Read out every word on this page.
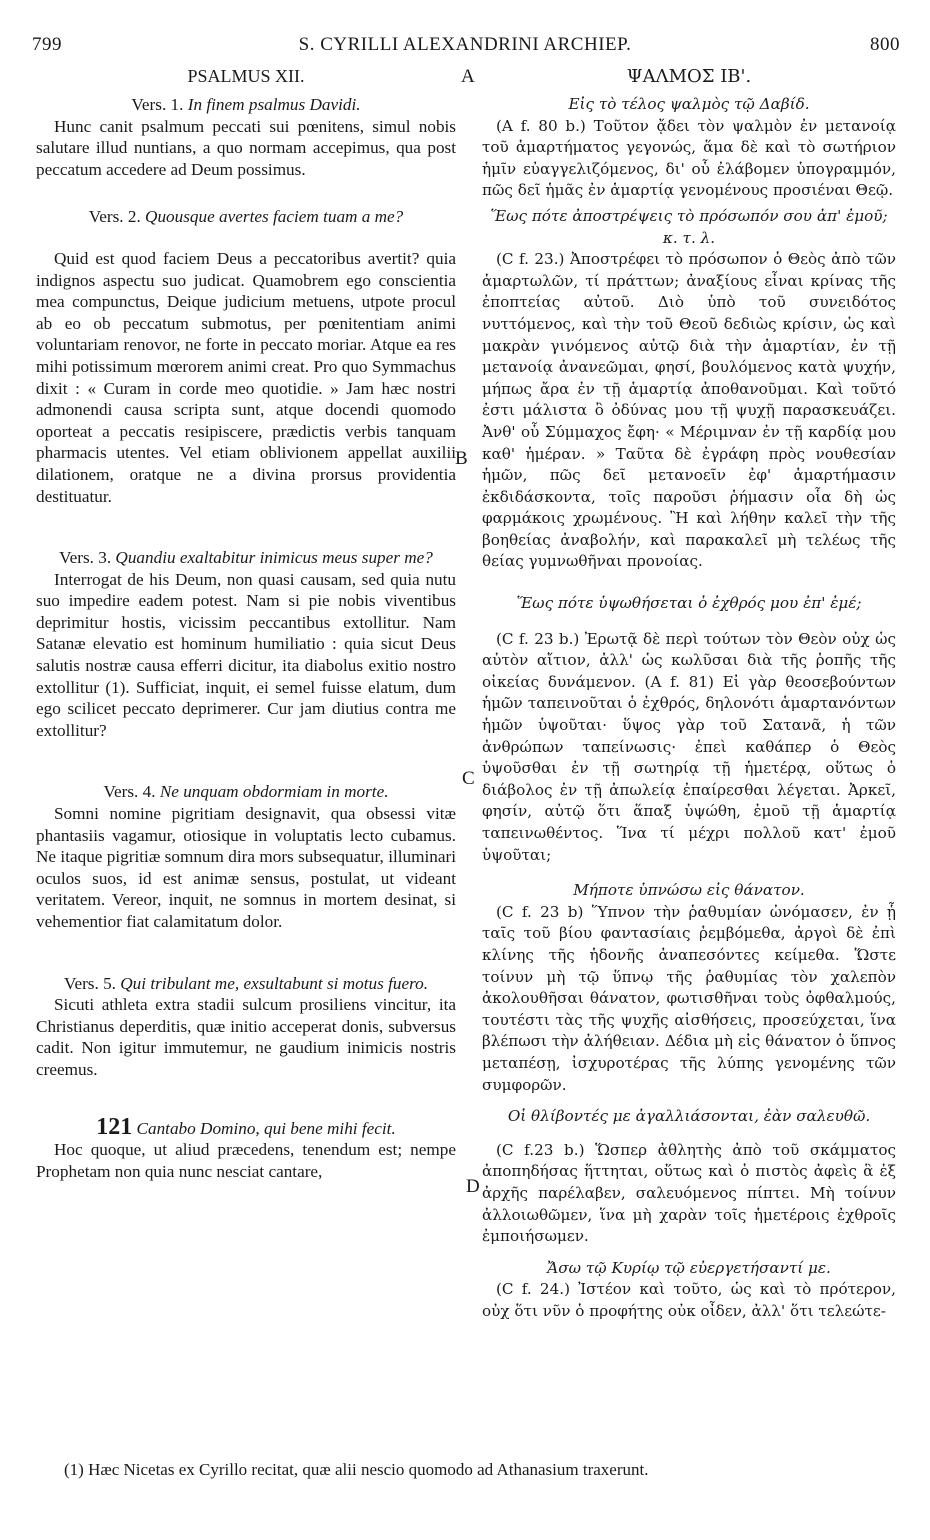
799	S. CYRILLI ALEXANDRINI ARCHIEP.	800
PSALMUS XII.
Vers. 1. In finem psalmus Davidi.

Hunc canit psalmum peccati sui pœnitens, simul nobis salutare illud nuntians, a quo normam accepimus, qua post peccatum accedere ad Deum possimus.

Vers. 2. Quousque avertes faciem tuam a me?

Quid est quod faciem Deus a peccatoribus avertit? quia indignos aspectu suo judicat. Quamobrem ego conscientia mea compunctus, Deique judicium metuens, utpote procul ab eo ob peccatum submotus, per pœnitentiam animi voluntariam renovor, ne forte in peccato moriar. Atque ea res mihi potissimum mœrorem animi creat. Pro quo Symmachus dixit : « Curam in corde meo quotidie. » Jam hæc nostri admonendi causa scripta sunt, atque docendi quomodo oporteat a peccatis resipiscere, prædictis verbis tanquam pharmacis utentes. Vel etiam oblivionem appellat auxilii dilationem, oratque ne a divina prorsus providentia destituatur.

Vers. 3. Quandiu exaltabitur inimicus meus super me?

Interrogat de his Deum, non quasi causam, sed quia nutu suo impedire eadem potest. Nam si pie nobis viventibus deprimitur hostis, vicissim peccantibus extollitur. Nam Satanæ elevatio est hominum humiliatio : quia sicut Deus salutis nostræ causa efferri dicitur, ita diabolus exitio nostro extollitur (1). Sufficiat, inquit, ei semel fuisse elatum, dum ego scilicet peccato deprimerer. Cur jam diutius contra me extollitur?

Vers. 4. Ne unquam obdormiam in morte.

Somni nomine pigritiam designavit, qua obsessi vitæ phantasiis vagamur, otiosique in voluptatis lecto cubamus. Ne itaque pigritiæ somnum dira mors subsequatur, illuminari oculos suos, id est animæ sensus, postulat, ut videant veritatem. Vereor, inquit, ne somnus in mortem desinat, si vehementior fiat calamitatum dolor.

Vers. 5. Qui tribulant me, exsultabunt si motus fuero.

Sicuti athleta extra stadii sulcum prosiliens vincitur, ita Christianus deperditis, quæ initio acceperat donis, subversus cadit. Non igitur immutemur, ne gaudium inimicis nostris creemus.

121 Cantabo Domino, qui bene mihi fecit.

Hoc quoque, ut aliud præcedens, tenendum est; nempe Prophetam non quia nunc nesciat cantare,

A
B
C
D
ΨΑΛΜΟΣ ΙΒ'.
Εἰς τὸ τέλος ψαλμὸς τῷ Δαβίδ.

(A f. 80 b.) Τοῦτον ᾄδει τὸν ψαλμὸν ἐν μετανοίᾳ τοῦ ἁμαρτήματος γεγονώς, ἅμα δὲ καὶ τὸ σωτήριον ἡμῖν εὐαγγελιζόμενος, δι' οὗ ἐλάβομεν ὑπογραμμόν, πῶς δεῖ ἡμᾶς ἐν ἁμαρτίᾳ γενομένους προσιέναι Θεῷ.

Ἕως πότε ἀποστρέψεις τὸ πρόσωπόν σου ἀπ' ἐμοῦ; κ. τ. λ.

(C f. 23.) Ἀποστρέφει τὸ πρόσωπον ὁ Θεὸς ἀπὸ τῶν ἁμαρτωλῶν, τί πράττων; ἀναξίους εἶναι κρίνας τῆς ἐποπτείας αὐτοῦ. Διὸ ὑπὸ τοῦ συνειδότος νυττόμενος, καὶ τὴν τοῦ Θεοῦ δεδιὼς κρίσιν, ὡς καὶ μακρὰν γινόμενος αὐτῷ διὰ τὴν ἁμαρτίαν, ἐν τῇ μετανοίᾳ ἀνανεῶμαι, φησί, βουλόμενος κατὰ ψυχήν, μήπως ἄρα ἐν τῇ ἁμαρτίᾳ ἀποθανοῦμαι. Καὶ τοῦτό ἐστι μάλιστα ὃ ὀδύνας μου τῇ ψυχῇ παρασκευάζει. Ἀνθ' οὗ Σύμμαχος ἔφη· « Μέριμναν ἐν τῇ καρδίᾳ μου καθ' ἡμέραν. » Ταῦτα δὲ ἐγράφη πρὸς νουθεσίαν ἡμῶν, πῶς δεῖ μετανοεῖν ἐφ' ἁμαρτήμασιν ἐκδιδάσκοντα, τοῖς παροῦσι ῥήμασιν οἷα δὴ ὡς φαρμάκοις χρωμένους. Ἢ καὶ λήθην καλεῖ τὴν τῆς βοηθείας ἀναβολήν, καὶ παρακαλεῖ μὴ τελέως τῆς θείας γυμνωθῆναι προνοίας.

Ἕως πότε ὑψωθήσεται ὁ ἐχθρός μου ἐπ' ἐμέ;

(C f. 23 b.) Ἐρωτᾷ δὲ περὶ τούτων τὸν Θεὸν οὐχ ὡς αὐτὸν αἴτιον, ἀλλ' ὡς κωλῦσαι διὰ τῆς ῥοπῆς τῆς οἰκείας δυνάμενον. (A f. 81) Εἰ γὰρ θεοσεβούντων ἡμῶν ταπεινοῦται ὁ ἐχθρός, δηλονότι ἁμαρτανόντων ἡμῶν ὑψοῦται· ὕψος γὰρ τοῦ Σατανᾶ, ἡ τῶν ἀνθρώπων ταπείνωσις· ἐπεὶ καθάπερ ὁ Θεὸς ὑψοῦσθαι ἐν τῇ σωτηρίᾳ τῇ ἡμετέρᾳ, οὕτως ὁ διάβολος ἐν τῇ ἀπωλείᾳ ἐπαίρεσθαι λέγεται. Ἀρκεῖ, φησίν, αὐτῷ ὅτι ἅπαξ ὑψώθη, ἐμοῦ τῇ ἁμαρτίᾳ ταπεινωθέντος. Ἵνα τί μέχρι πολλοῦ κατ' ἐμοῦ ὑψοῦται;

Μήποτε ὑπνώσω εἰς θάνατον.

(C f. 23 b) Ὕπνον τὴν ῥαθυμίαν ὠνόμασεν, ἐν ᾗ ταῖς τοῦ βίου φαντασίαις ῥεμβόμεθα, ἀργοὶ δὲ ἐπὶ κλίνης τῆς ἡδονῆς ἀναπεσόντες κείμεθα. Ὥστε τοίνυν μὴ τῷ ὕπνῳ τῆς ῥαθυμίας τὸν χαλεπὸν ἀκολουθῆσαι θάνατον, φωτισθῆναι τοὺς ὀφθαλμούς, τουτέστι τὰς τῆς ψυχῆς αἰσθήσεις, προσεύχεται, ἵνα βλέπωσι τὴν ἀλήθειαν. Δέδια μὴ εἰς θάνατον ὁ ὕπνος μεταπέσῃ, ἰσχυροτέρας τῆς λύπης γενομένης τῶν συμφορῶν.

Οἱ θλίβοντές με ἀγαλλιάσονται, ἐὰν σαλευθῶ.

(C f.23 b.) Ὥσπερ ἀθλητὴς ἀπὸ τοῦ σκάμματος ἀποπηδήσας ἥττηται, οὕτως καὶ ὁ πιστὸς ἀφεὶς ἃ ἐξ ἀρχῆς παρέλαβεν, σαλευόμενος πίπτει. Μὴ τοίνυν ἀλλοιωθῶμεν, ἵνα μὴ χαρὰν τοῖς ἡμετέροις ἐχθροῖς ἐμποιήσωμεν.

Ἄσω τῷ Κυρίῳ τῷ εὐεργετήσαντί με.

(C f. 24.) Ἰστέον καὶ τοῦτο, ὡς καὶ τὸ πρότερον, οὐχ ὅτι νῦν ὁ προφήτης οὐκ οἶδεν, ἀλλ' ὅτι τελεώτε-

(1) Hæc Nicetas ex Cyrillo recitat, quæ alii nescio quomodo ad Athanasium traxerunt.
